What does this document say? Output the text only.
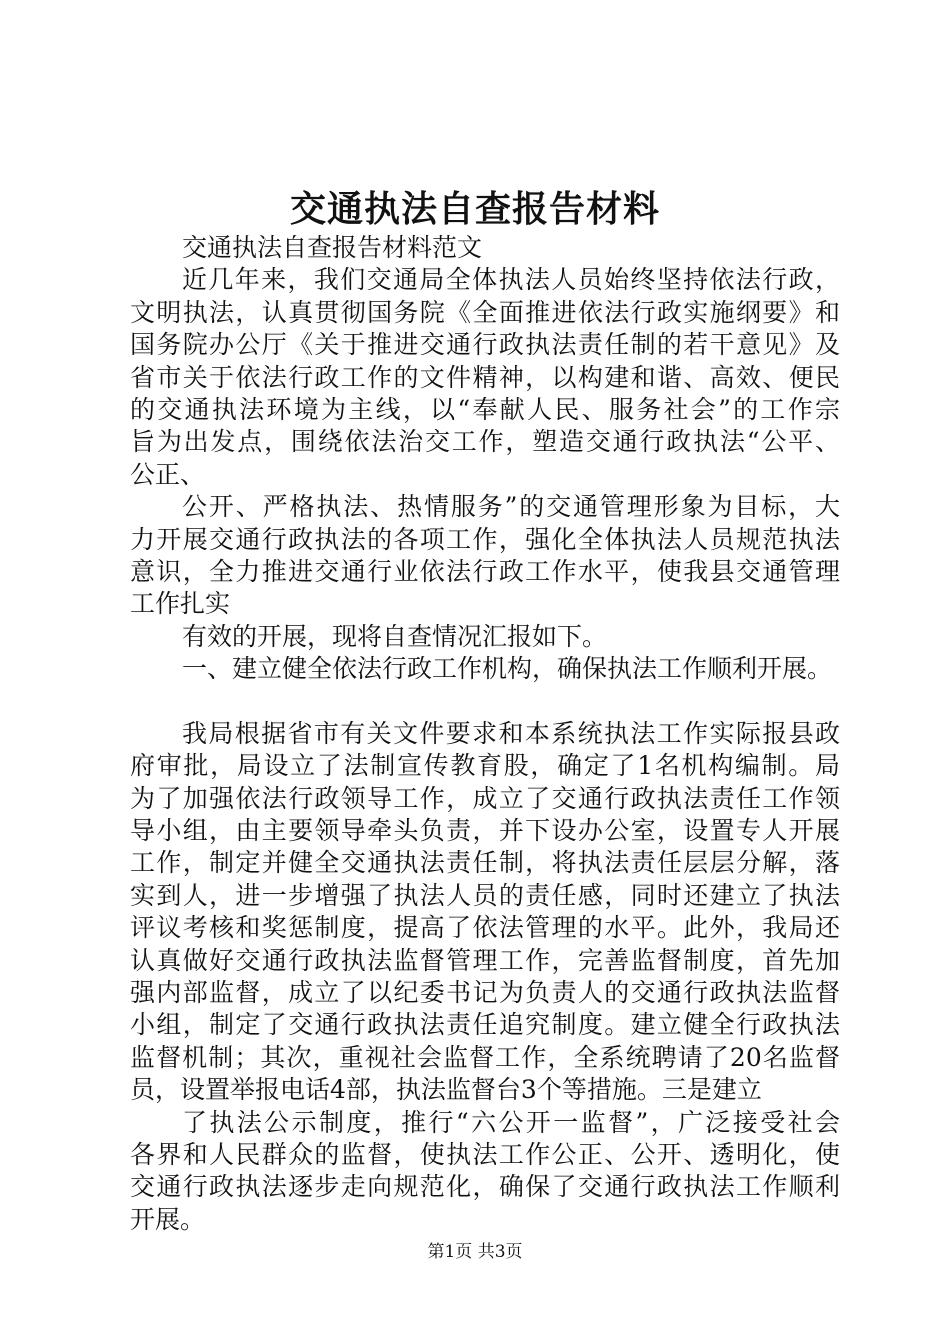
交通执法自查报告材料
交通执法自查报告材料范文
近几年来，我们交通局全体执法人员始终坚持依法行政，
文明执法，认真贯彻国务院《全面推进依法行政实施纲要》和
国务院办公厅《关于推进交通行政执法责任制的若干意见》及
省市关于依法行政工作的文件精神，以构建和谐、高效、便民
的交通执法环境为主线，以“奉献人民、服务社会”的工作宗
旨为出发点，围绕依法治交工作，塑造交通行政执法“公平、
公正、
公开、严格执法、热情服务”的交通管理形象为目标，大
力开展交通行政执法的各项工作，强化全体执法人员规范执法
意识，全力推进交通行业依法行政工作水平，使我县交通管理
工作扎实
有效的开展，现将自查情况汇报如下。
一、建立健全依法行政工作机构，确保执法工作顺利开展。
我局根据省市有关文件要求和本系统执法工作实际报县政
府审批，局设立了法制宣传教育股，确定了1名机构编制。局
为了加强依法行政领导工作，成立了交通行政执法责任工作领
导小组，由主要领导牵头负责，并下设办公室，设置专人开展
工作，制定并健全交通执法责任制，将执法责任层层分解，落
实到人，进一步增强了执法人员的责任感，同时还建立了执法
评议考核和奖惩制度，提高了依法管理的水平。此外，我局还
认真做好交通行政执法监督管理工作，完善监督制度，首先加
强内部监督，成立了以纪委书记为负责人的交通行政执法监督
小组，制定了交通行政执法责任追究制度。建立健全行政执法
监督机制；其次，重视社会监督工作，全系统聘请了20名监督
员，设置举报电话4部，执法监督台3个等措施。三是建立
了执法公示制度，推行“六公开一监督”，广泛接受社会
各界和人民群众的监督，使执法工作公正、公开、透明化，使
交通行政执法逐步走向规范化，确保了交通行政执法工作顺利
开展。
第1页 共3页
